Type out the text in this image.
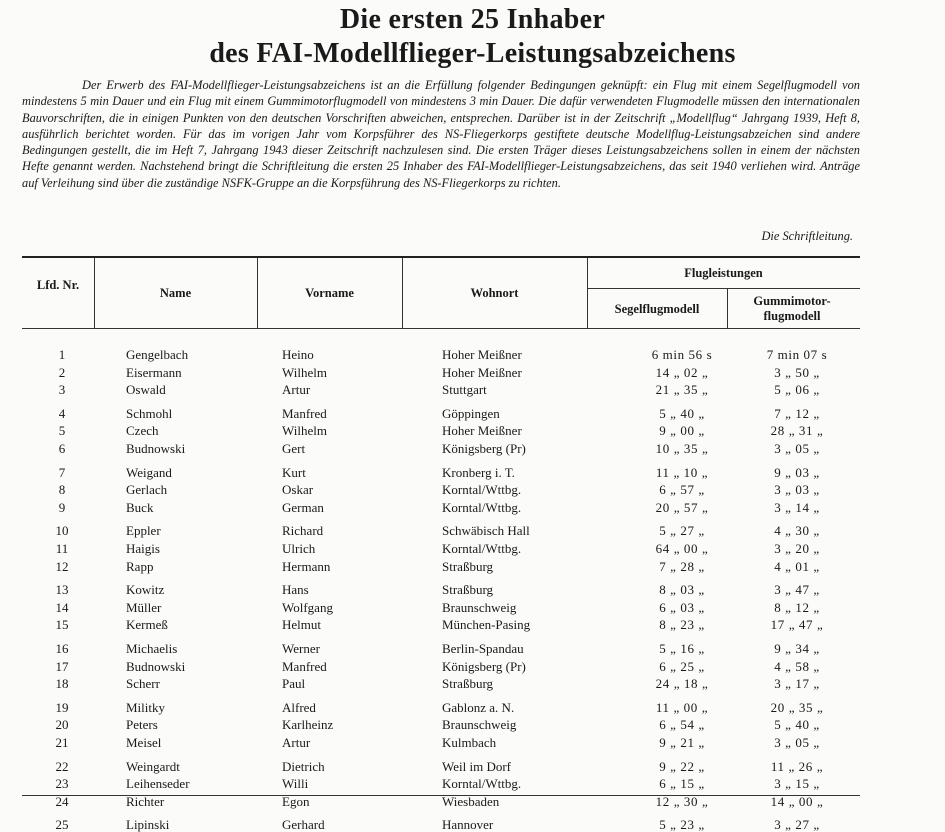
Die ersten 25 Inhaber
des FAI-Modellflieger-Leistungsabzeichens

Der Erwerb des FAI-Modellflieger-Leistungsabzeichens ist an die Erfüllung folgender Bedingungen geknüpft: ein Flug mit einem Segelflugmodell von mindestens 5 min Dauer und ein Flug mit einem Gummimotorflugmodell von mindestens 3 min Dauer. Die dafür verwendeten Flugmodelle müssen den internationalen Bauvorschriften, die in einigen Punkten von den deutschen Vorschriften abweichen, entsprechen. Darüber ist in der Zeitschrift „Modellflug“ Jahrgang 1939, Heft 8, ausführlich berichtet worden. Für das im vorigen Jahr vom Korpsführer des NS-Fliegerkorps gestiftete deutsche Modellflug-Leistungsabzeichen sind andere Bedingungen gestellt, die im Heft 7, Jahrgang 1943 dieser Zeitschrift nachzulesen sind. Die ersten Träger dieses Leistungsabzeichens sollen in einem der nächsten Hefte genannt werden. Nachstehend bringt die Schriftleitung die ersten 25 Inhaber des FAI-Modellflieger-Leistungsabzeichens, das seit 1940 verliehen wird. Anträge auf Verleihung sind über die zuständige NSFK-Gruppe an die Korpsführung des NS-Fliegerkorps zu richten.

Die Schriftleitung.
Lfd. Nr.
Name	Vorname	Wohnort
Flugleistungen
Segelflugmodell
Gummimotor-flugmodell
1	Gengelbach	Heino	Hoher Meißner	6 min 56 s	7 min 07 s
2	Eisermann	Wilhelm	Hoher Meißner	14 „ 02 „	3 „ 50 „
3	Oswald	Artur	Stuttgart	21 „ 35 „	5 „ 06 „
4	Schmohl	Manfred	Göppingen	5 „ 40 „	7 „ 12 „
5	Czech	Wilhelm	Hoher Meißner	9 „ 00 „	28 „ 31 „
6	Budnowski	Gert	Königsberg (Pr)	10 „ 35 „	3 „ 05 „
7	Weigand	Kurt	Kronberg i. T.	11 „ 10 „	9 „ 03 „
8	Gerlach	Oskar	Korntal/Wttbg.	6 „ 57 „	3 „ 03 „
9	Buck	German	Korntal/Wttbg.	20 „ 57 „	3 „ 14 „
10	Eppler	Richard	Schwäbisch Hall	5 „ 27 „	4 „ 30 „
11	Haigis	Ulrich	Korntal/Wttbg.	64 „ 00 „	3 „ 20 „
12	Rapp	Hermann	Straßburg	7 „ 28 „	4 „ 01 „
13	Kowitz	Hans	Straßburg	8 „ 03 „	3 „ 47 „
14	Müller	Wolfgang	Braunschweig	6 „ 03 „	8 „ 12 „
15	Kermeß	Helmut	München-Pasing	8 „ 23 „	17 „ 47 „
16	Michaelis	Werner	Berlin-Spandau	5 „ 16 „	9 „ 34 „
17	Budnowski	Manfred	Königsberg (Pr)	6 „ 25 „	4 „ 58 „
18	Scherr	Paul	Straßburg	24 „ 18 „	3 „ 17 „
19	Militky	Alfred	Gablonz a. N.	11 „ 00 „	20 „ 35 „
20	Peters	Karlheinz	Braunschweig	6 „ 54 „	5 „ 40 „
21	Meisel	Artur	Kulmbach	9 „ 21 „	3 „ 05 „
22	Weingardt	Dietrich	Weil im Dorf	9 „ 22 „	11 „ 26 „
23	Leihenseder	Willi	Korntal/Wttbg.	6 „ 15 „	3 „ 15 „
24	Richter	Egon	Wiesbaden	12 „ 30 „	14 „ 00 „
25	Lipinski	Gerhard	Hannover	5 „ 23 „	3 „ 27 „
